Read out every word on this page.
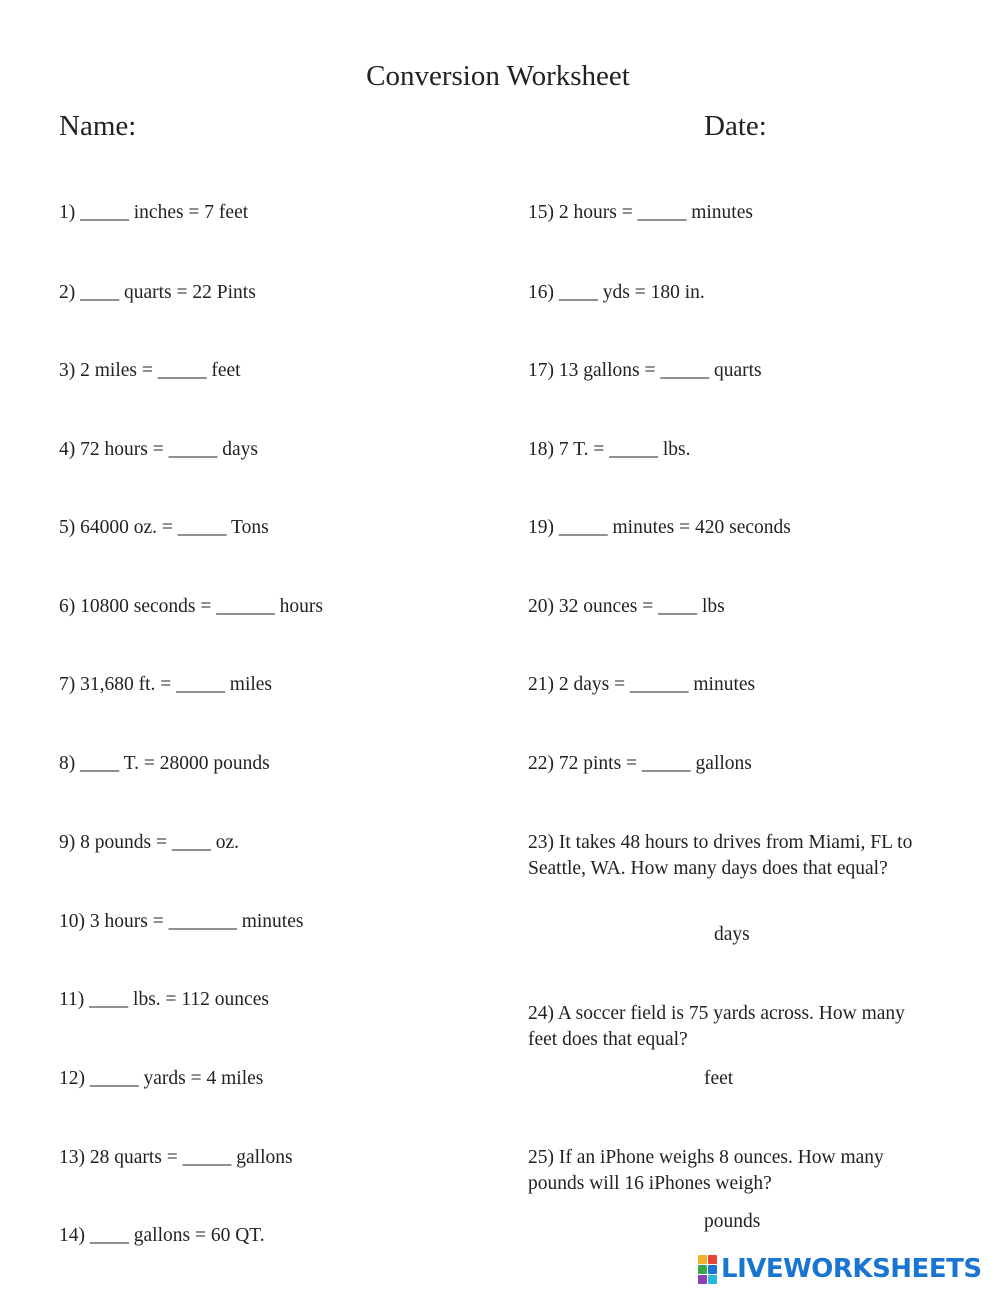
Conversion Worksheet
Name:	Date:
1) _____ inches = 7 feet
2) ____ quarts = 22 Pints
3) 2 miles = _____ feet
4) 72 hours = _____ days
5) 64000 oz. = _____ Tons
6) 10800 seconds = ______ hours
7) 31,680 ft. = _____ miles
8) ____ T. = 28000 pounds
9) 8 pounds = ____ oz.
10) 3 hours = _______ minutes
11) ____ lbs. = 112 ounces
12) _____ yards = 4 miles
13) 28 quarts = _____ gallons
14) ____ gallons = 60 QT.
15) 2 hours = _____ minutes
16) ____ yds = 180 in.
17) 13 gallons = _____ quarts
18) 7 T. = _____ lbs.
19) _____ minutes = 420 seconds
20) 32 ounces = ____ lbs
21) 2 days = ______ minutes
22) 72 pints = _____ gallons
23) It takes 48 hours to drives from Miami, FL to Seattle, WA. How many days does that equal?
days
24) A soccer field is 75 yards across. How many feet does that equal?
feet
25) If an iPhone weighs 8 ounces. How many pounds will 16 iPhones weigh?
pounds
LIVEWORKSHEETS
